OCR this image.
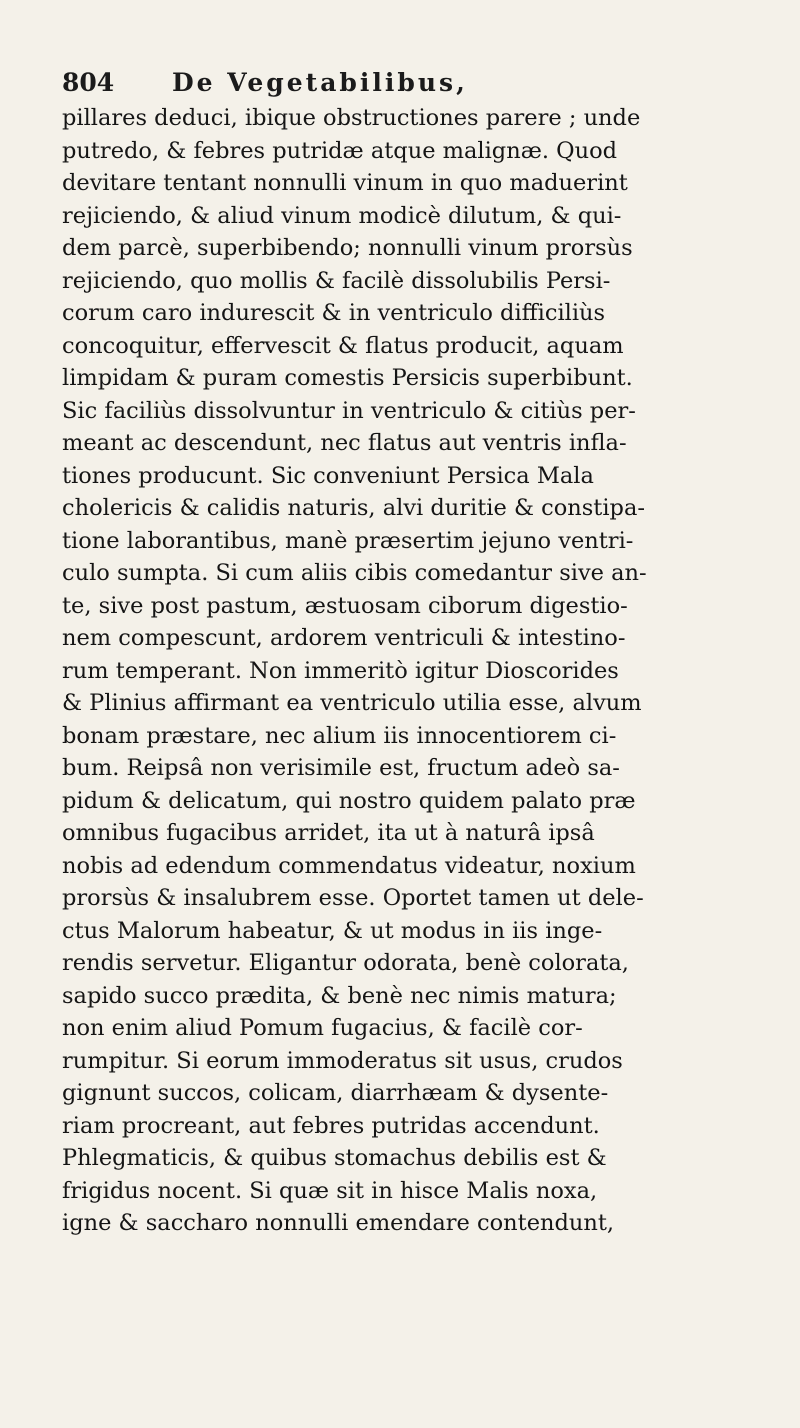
804 De Vegetabilibus,
pillares deduci, ibique obstructiones parere ; unde
putredo, & febres putridæ atque malignæ. Quod
devitare tentant nonnulli vinum in quo maduerint
rejiciendo, & aliud vinum modicè dilutum, & qui-
dem parcè, superbibendo; nonnulli vinum prorsùs
rejiciendo, quo mollis & facilè dissolubilis Persi-
corum caro indurescit & in ventriculo difficiliùs
concoquitur, effervescit & flatus producit, aquam
limpidam & puram comestis Persicis superbibunt.
Sic faciliùs dissolvuntur in ventriculo & citiùs per-
meant ac descendunt, nec flatus aut ventris infla-
tiones producunt. Sic conveniunt Persica Mala
cholericis & calidis naturis, alvi duritie & constipa-
tione laborantibus, manè præsertim jejuno ventri-
culo sumpta. Si cum aliis cibis comedantur sive an-
te, sive post pastum, æstuosam ciborum digestio-
nem compescunt, ardorem ventriculi & intestino-
rum temperant. Non immeritò igitur Dioscorides
& Plinius affirmant ea ventriculo utilia esse, alvum
bonam præstare, nec alium iis innocentiorem ci-
bum. Reipsâ non verisimile est, fructum adeò sa-
pidum & delicatum, qui nostro quidem palato præ
omnibus fugacibus arridet, ita ut à naturâ ipsâ
nobis ad edendum commendatus videatur, noxium
prorsùs & insalubrem esse. Oportet tamen ut dele-
ctus Malorum habeatur, & ut modus in iis inge-
rendis servetur. Eligantur odorata, benè colorata,
sapido succo prædita, & benè nec nimis matura;
non enim aliud Pomum fugacius, & facilè cor-
rumpitur. Si eorum immoderatus sit usus, crudos
gignunt succos, colicam, diarrhæam & dysente-
riam procreant, aut febres putridas accendunt.
Phlegmaticis, & quibus stomachus debilis est &
frigidus nocent. Si quæ sit in hisce Malis noxa,
igne & saccharo nonnulli emendare contendunt,
